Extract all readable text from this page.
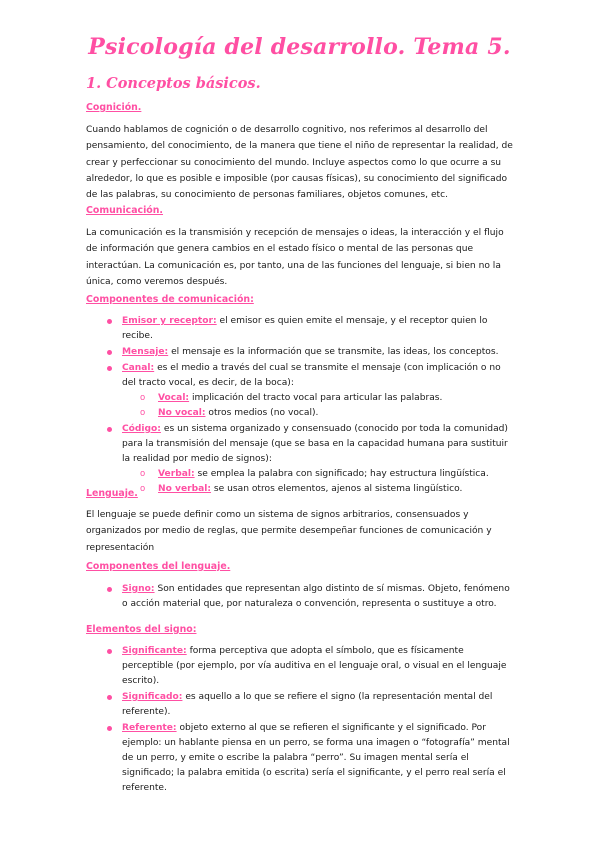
Psicología del desarrollo. Tema 5.
1. Conceptos básicos.
Cognición.

Cuando hablamos de cognición o de desarrollo cognitivo, nos referimos al desarrollo del pensamiento, del conocimiento, de la manera que tiene el niño de representar la realidad, de crear y perfeccionar su conocimiento del mundo. Incluye aspectos como lo que ocurre a su alrededor, lo que es posible e imposible (por causas físicas), su conocimiento del significado de las palabras, su conocimiento de personas familiares, objetos comunes, etc.

Comunicación.

La comunicación es la transmisión y recepción de mensajes o ideas, la interacción y el flujo de información que genera cambios en el estado físico o mental de las personas que interactúan. La comunicación es, por tanto, una de las funciones del lenguaje, si bien no la única, como veremos después.

Componentes de comunicación:
Emisor y receptor: el emisor es quien emite el mensaje, y el receptor quien lo recibe.
Mensaje: el mensaje es la información que se transmite, las ideas, los conceptos.
Canal: es el medio a través del cual se transmite el mensaje (con implicación o no del tracto vocal, es decir, de la boca):
o Vocal: implicación del tracto vocal para articular las palabras.
o No vocal: otros medios (no vocal).
Código: es un sistema organizado y consensuado (conocido por toda la comunidad) para la transmisión del mensaje (que se basa en la capacidad humana para sustituir la realidad por medio de signos):
o Verbal: se emplea la palabra con significado; hay estructura lingüística.
o No verbal: se usan otros elementos, ajenos al sistema lingüístico.
Lenguaje.

El lenguaje se puede definir como un sistema de signos arbitrarios, consensuados y organizados por medio de reglas, que permite desempeñar funciones de comunicación y representación

Componentes del lenguaje.
Signo: Son entidades que representan algo distinto de sí mismas. Objeto, fenómeno o acción material que, por naturaleza o convención, representa o sustituye a otro.
Elementos del signo:
Significante: forma perceptiva que adopta el símbolo, que es físicamente perceptible (por ejemplo, por vía auditiva en el lenguaje oral, o visual en el lenguaje escrito).
Significado: es aquello a lo que se refiere el signo (la representación mental del referente).
Referente: objeto externo al que se refieren el significante y el significado. Por ejemplo: un hablante piensa en un perro, se forma una imagen o “fotografía” mental de un perro, y emite o escribe la palabra “perro”. Su imagen mental sería el significado; la palabra emitida (o escrita) sería el significante, y el perro real sería el referente.
